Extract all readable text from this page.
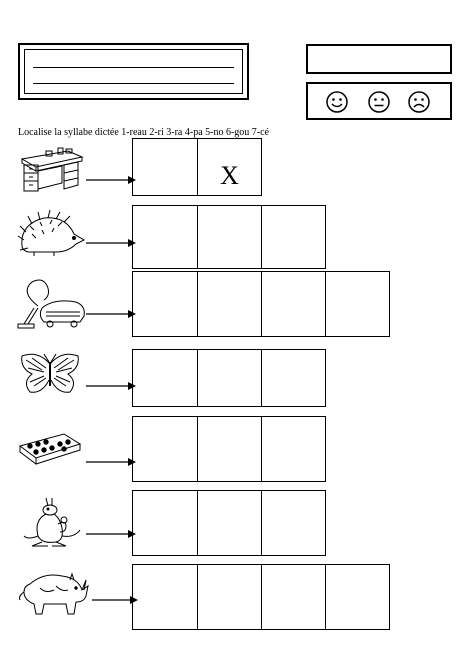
Localise la syllabe dictée 1-reau 2-ri 3-ra 4-pa 5-no 6-gou 7-cé
X
